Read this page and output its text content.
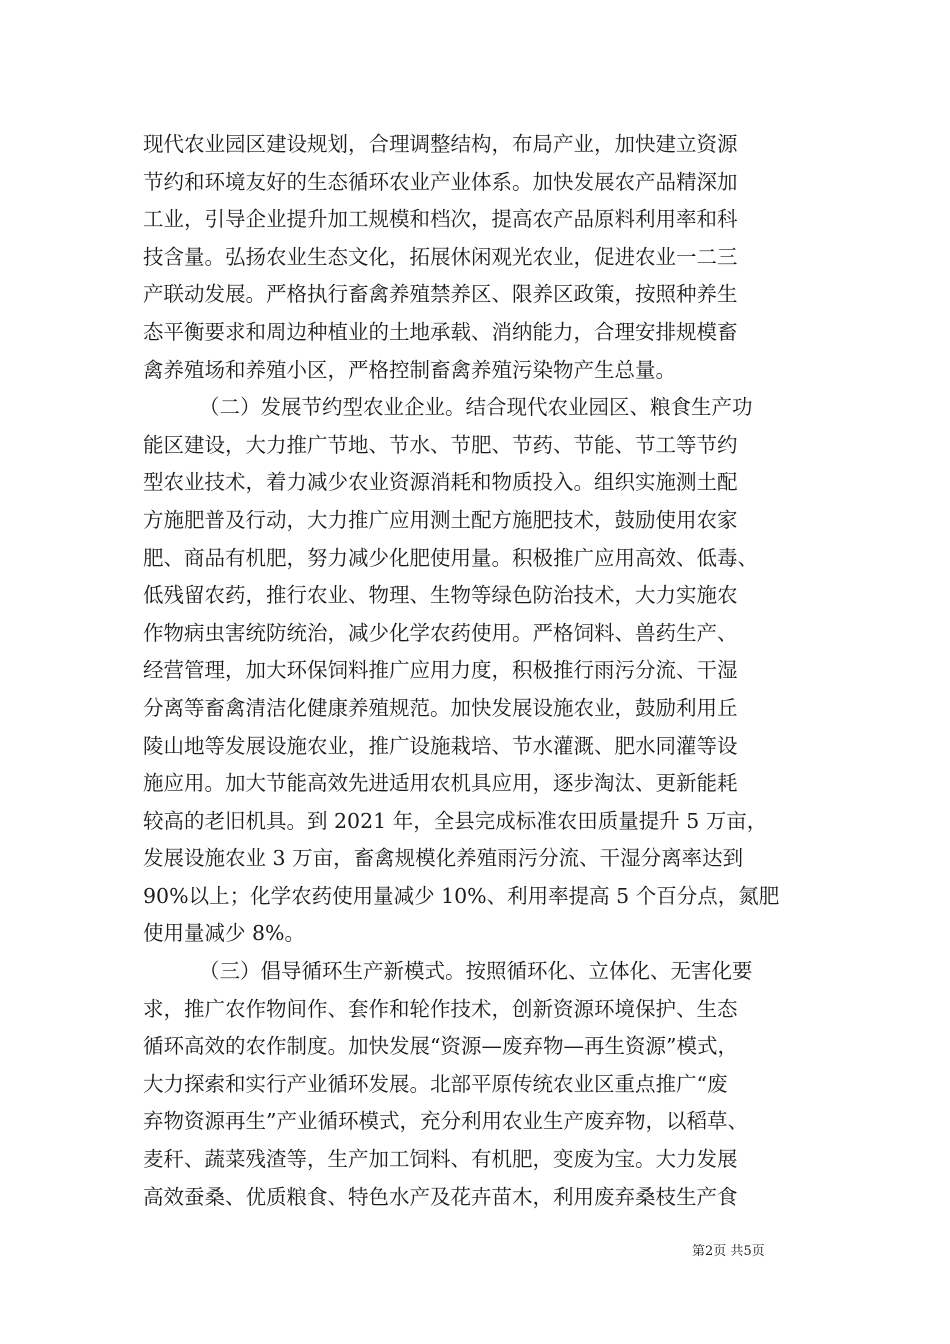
现代农业园区建设规划，合理调整结构，布局产业，加快建立资源
节约和环境友好的生态循环农业产业体系。加快发展农产品精深加
工业，引导企业提升加工规模和档次，提高农产品原料利用率和科
技含量。弘扬农业生态文化，拓展休闲观光农业，促进农业一二三
产联动发展。严格执行畜禽养殖禁养区、限养区政策，按照种养生
态平衡要求和周边种植业的土地承载、消纳能力，合理安排规模畜
禽养殖场和养殖小区，严格控制畜禽养殖污染物产生总量。
（二）发展节约型农业企业。结合现代农业园区、粮食生产功
能区建设，大力推广节地、节水、节肥、节药、节能、节工等节约
型农业技术，着力减少农业资源消耗和物质投入。组织实施测土配
方施肥普及行动，大力推广应用测土配方施肥技术，鼓励使用农家
肥、商品有机肥，努力减少化肥使用量。积极推广应用高效、低毒、
低残留农药，推行农业、物理、生物等绿色防治技术，大力实施农
作物病虫害统防统治，减少化学农药使用。严格饲料、兽药生产、
经营管理，加大环保饲料推广应用力度，积极推行雨污分流、干湿
分离等畜禽清洁化健康养殖规范。加快发展设施农业，鼓励利用丘
陵山地等发展设施农业，推广设施栽培、节水灌溉、肥水同灌等设
施应用。加大节能高效先进适用农机具应用，逐步淘汰、更新能耗
较高的老旧机具。到 2021 年，全县完成标准农田质量提升 5 万亩，
发展设施农业 3 万亩，畜禽规模化养殖雨污分流、干湿分离率达到
90%以上；化学农药使用量减少 10%、利用率提高 5 个百分点，氮肥
使用量减少 8%。
（三）倡导循环生产新模式。按照循环化、立体化、无害化要
求，推广农作物间作、套作和轮作技术，创新资源环境保护、生态
循环高效的农作制度。加快发展“资源—废弃物—再生资源”模式，
大力探索和实行产业循环发展。北部平原传统农业区重点推广“废
弃物资源再生”产业循环模式，充分利用农业生产废弃物，以稻草、
麦秆、蔬菜残渣等，生产加工饲料、有机肥，变废为宝。大力发展
高效蚕桑、优质粮食、特色水产及花卉苗木，利用废弃桑枝生产食
第2页 共5页
